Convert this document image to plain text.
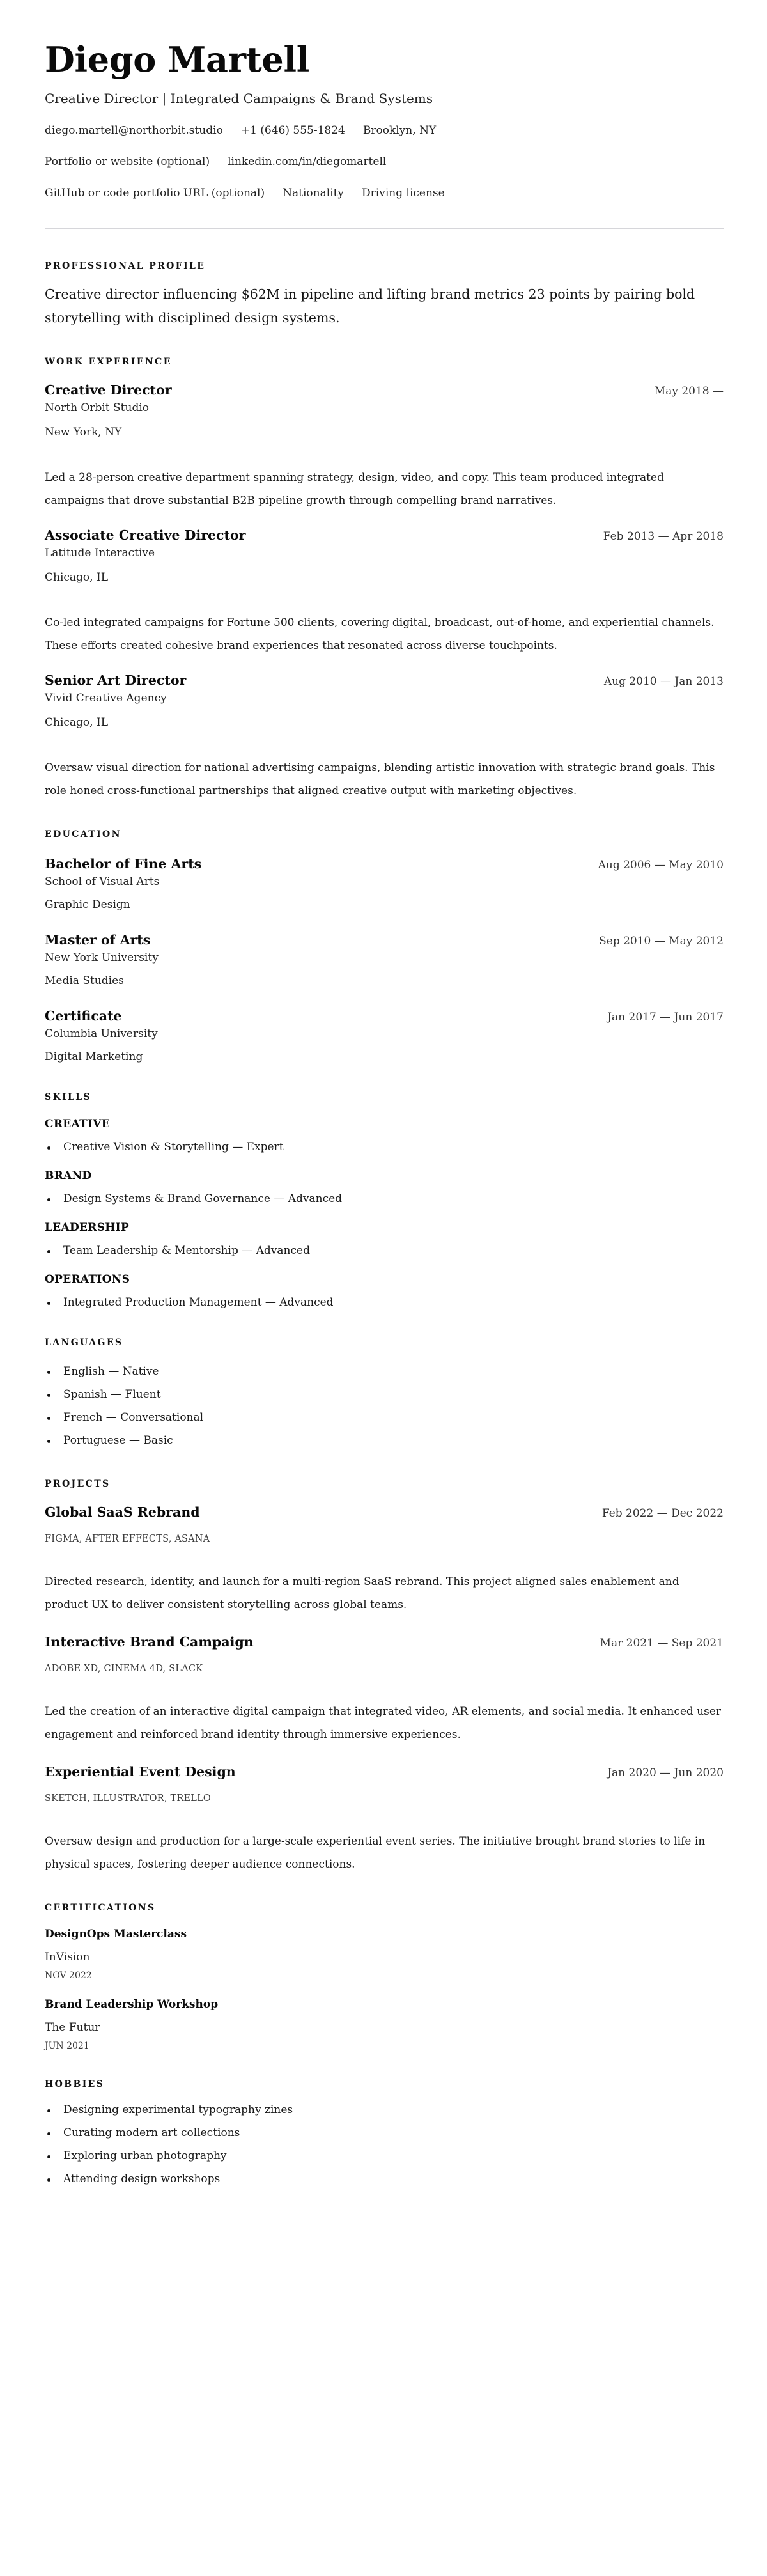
Diego Martell
Creative Director | Integrated Campaigns & Brand Systems
diego.martell@northorbit.studio +1 (646) 555-1824 Brooklyn, NY
Portfolio or website (optional) linkedin.com/in/diegomartell
GitHub or code portfolio URL (optional) Nationality Driving license
PROFESSIONAL PROFILE

Creative director influencing $62M in pipeline and lifting brand metrics 23 points by pairing bold storytelling with disciplined design systems.

WORK EXPERIENCE
Creative Director	May 2018 —
North Orbit Studio
New York, NY

Led a 28-person creative department spanning strategy, design, video, and copy. This team produced integrated campaigns that drove substantial B2B pipeline growth through compelling brand narratives.

Associate Creative Director	Feb 2013 — Apr 2018
Latitude Interactive
Chicago, IL

Co-led integrated campaigns for Fortune 500 clients, covering digital, broadcast, out-of-home, and experiential channels. These efforts created cohesive brand experiences that resonated across diverse touchpoints.

Senior Art Director	Aug 2010 — Jan 2013
Vivid Creative Agency
Chicago, IL

Oversaw visual direction for national advertising campaigns, blending artistic innovation with strategic brand goals. This role honed cross-functional partnerships that aligned creative output with marketing objectives.

EDUCATION
Bachelor of Fine Arts	Aug 2006 — May 2010
School of Visual Arts
Graphic Design
Master of Arts	Sep 2010 — May 2012
New York University
Media Studies
Certificate	Jan 2017 — Jun 2017
Columbia University
Digital Marketing
SKILLS
CREATIVE
Creative Vision & Storytelling — Expert
BRAND
Design Systems & Brand Governance — Advanced
LEADERSHIP
Team Leadership & Mentorship — Advanced
OPERATIONS
Integrated Production Management — Advanced
LANGUAGES
English — Native
Spanish — Fluent
French — Conversational
Portuguese — Basic
PROJECTS
Global SaaS Rebrand	Feb 2022 — Dec 2022
FIGMA, AFTER EFFECTS, ASANA

Directed research, identity, and launch for a multi-region SaaS rebrand. This project aligned sales enablement and product UX to deliver consistent storytelling across global teams.

Interactive Brand Campaign	Mar 2021 — Sep 2021
ADOBE XD, CINEMA 4D, SLACK

Led the creation of an interactive digital campaign that integrated video, AR elements, and social media. It enhanced user engagement and reinforced brand identity through immersive experiences.

Experiential Event Design	Jan 2020 — Jun 2020
SKETCH, ILLUSTRATOR, TRELLO

Oversaw design and production for a large-scale experiential event series. The initiative brought brand stories to life in physical spaces, fostering deeper audience connections.

CERTIFICATIONS
DesignOps Masterclass
InVision
NOV 2022
Brand Leadership Workshop
The Futur
JUN 2021
HOBBIES
Designing experimental typography zines
Curating modern art collections
Exploring urban photography
Attending design workshops
